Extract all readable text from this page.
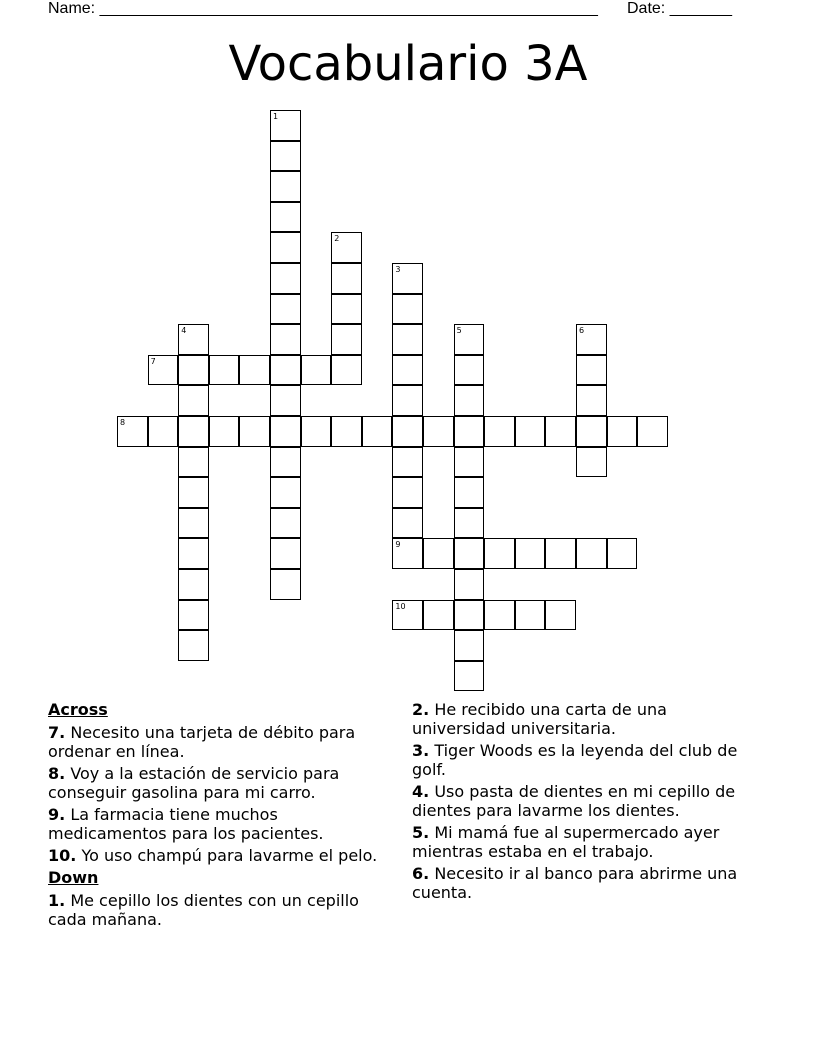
Name: ________________________________________________________ Date: _______
Vocabulario 3A
1
2
3
9
4	5	6
7
8
10
Across
7. Necesito una tarjeta de débito para ordenar en línea.
8. Voy a la estación de servicio para conseguir gasolina para mi carro.
9. La farmacia tiene muchos medicamentos para los pacientes.
10. Yo uso champú para lavarme el pelo.
Down
1. Me cepillo los dientes con un cepillo cada mañana.
2. He recibido una carta de una universidad universitaria.
3. Tiger Woods es la leyenda del club de golf.
4. Uso pasta de dientes en mi cepillo de dientes para lavarme los dientes.
5. Mi mamá fue al supermercado ayer mientras estaba en el trabajo.
6. Necesito ir al banco para abrirme una cuenta.
